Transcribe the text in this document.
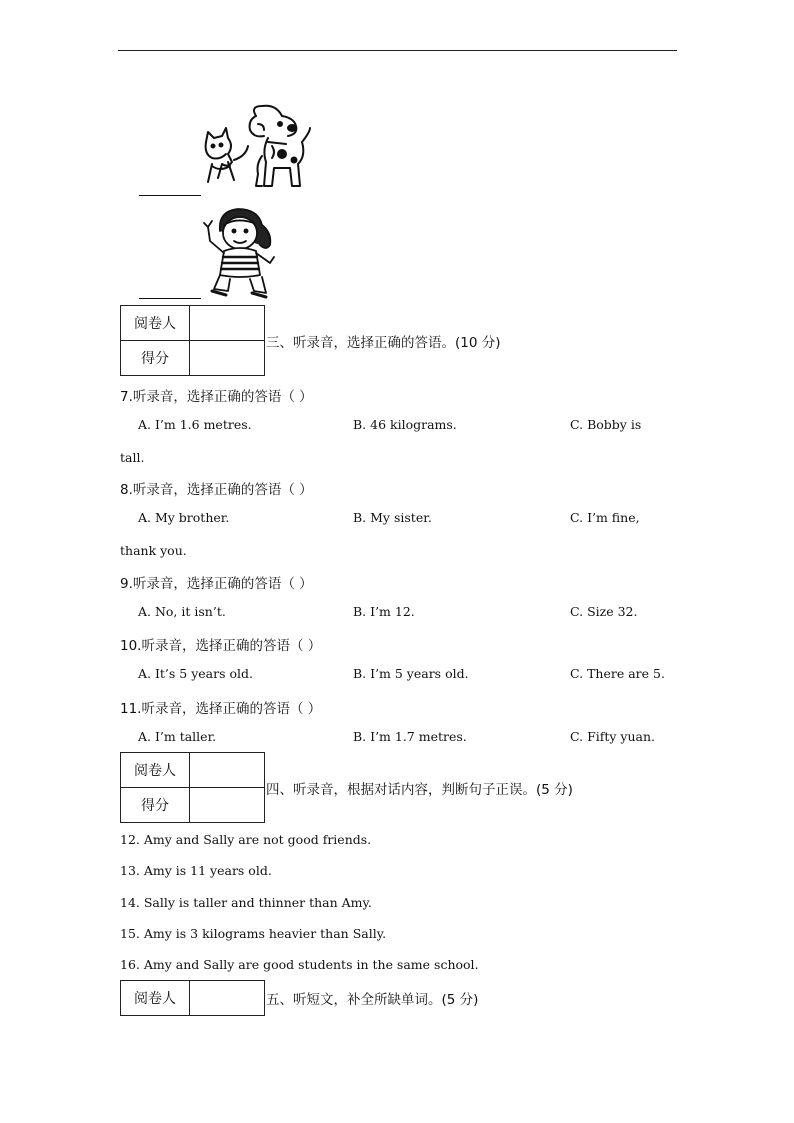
阅卷人	
得分	
三、听录音，选择正确的答语。(10 分)
7.听录音，选择正确的答语（ ）
A. I’m 1.6 metres.	B. 46 kilograms.	C. Bobby is
tall.
8.听录音，选择正确的答语（ ）
A. My brother.	B. My sister.	C. I’m fine,
thank you.
9.听录音，选择正确的答语（ ）
A. No, it isn’t.	B. I’m 12.	C. Size 32.
10.听录音，选择正确的答语（ ）
A. It’s 5 years old.	B. I’m 5 years old.	C. There are 5.
11.听录音，选择正确的答语（ ）
A. I’m taller.	B. I’m 1.7 metres.	C. Fifty yuan.
阅卷人	
得分	
四、听录音，根据对话内容，判断句子正误。(5 分)
12. Amy and Sally are not good friends.
13. Amy is 11 years old.
14. Sally is taller and thinner than Amy.
15. Amy is 3 kilograms heavier than Sally.
16. Amy and Sally are good students in the same school.
阅卷人		五、听短文，补全所缺单词。(5 分)
